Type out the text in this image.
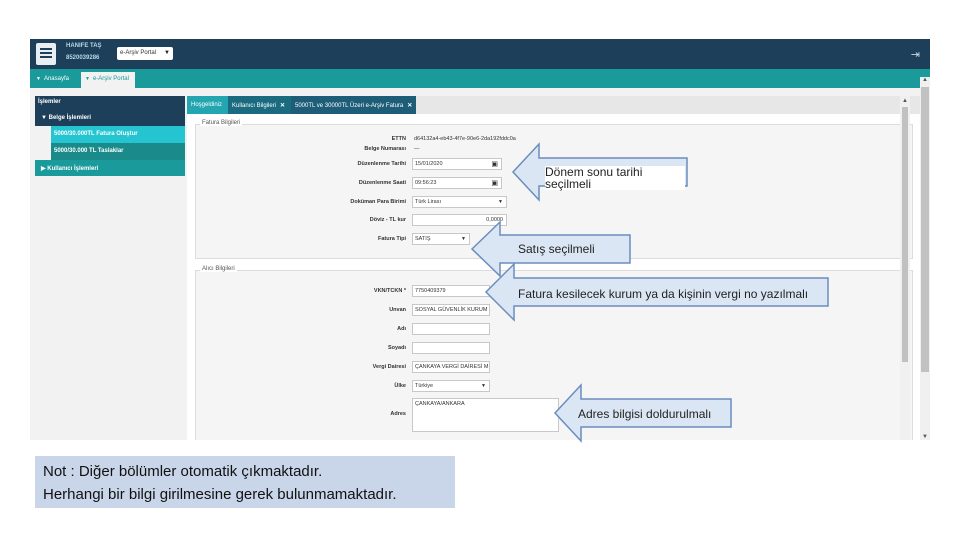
HANIFE TAŞ
8520039286
e-Arşiv Portal ▼	⇥
▼ Anasayfa	▼ e-Arşiv Portal
İşlemler
▼ Belge İşlemleri
5000/30.000TL Fatura Oluştur
5000/30.000 TL Taslaklar
▶ Kullanıcı İşlemleri
Hoşgeldiniz	Kullanıcı Bilgileri ✕	5000TL ve 30000TL Üzeri e-Arşiv Fatura ✕
Fatura Bilgileri
ETTN d64132a4-eb43-4f7e-90e6-2da192fddc0a
Belge Numarası —
Düzenlenme Tarihi	15/01/2020	▣
Düzenlenme Saati	09:56:23	▣
Doküman Para Birimi	Türk Lirası	▼
Döviz - TL kur	0,0000
Fatura Tipi	SATIŞ	▼
Alıcı Bilgileri
VKN/TCKN *	7750409379
Unvan	SOSYAL GÜVENLİK KURUM
Adı
Soyadı
Vergi Dairesi	ÇANKAYA VERGİ DAİRESİ M
Ülke	Türkiye	▼
Adres
ÇANKAYA/ANKARA
▲
▲
▼
Dönem sonu tarihi seçilmeli
Satış seçilmeli
Fatura kesilecek kurum ya da kişinin vergi no yazılmalı
Adres bilgisi doldurulmalı

Not : Diğer bölümler otomatik çıkmaktadır.

Herhangi bir bilgi girilmesine gerek bulunmamaktadır.
